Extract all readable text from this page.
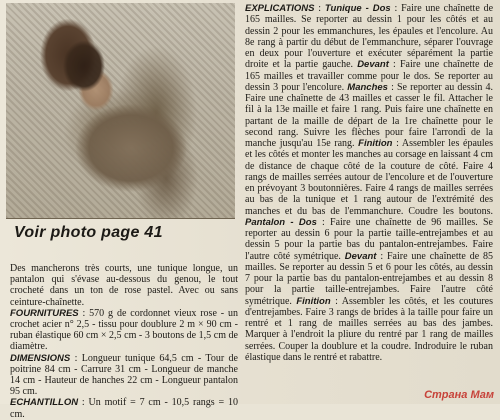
Voir photo page 41

Des mancherons très courts, une tunique longue, un pantalon qui s'évase au-dessous du genou, le tout crocheté dans un ton de rose pastel. Avec ou sans ceinture-chaînette.

FOURNITURES : 570 g de cordonnet vieux rose - un crochet acier n° 2,5 - tissu pour doublure 2 m × 90 cm - ruban élastique 60 cm × 2,5 cm - 3 boutons de 1,5 cm de diamètre.

DIMENSIONS : Longueur tunique 64,5 cm - Tour de poitrine 84 cm - Carrure 31 cm - Longueur de manche 14 cm - Hauteur de hanches 22 cm - Longueur pantalon 95 cm.

ECHANTILLON : Un motif = 7 cm - 10,5 rangs = 10 cm.

EXPLICATIONS : Tunique - Dos : Faire une chaînette de 165 mailles. Se reporter au dessin 1 pour les côtés et au dessin 2 pour les emmanchures, les épaules et l'encolure. Au 8e rang à partir du début de l'emmanchure, séparer l'ouvrage en deux pour l'ouverture et exécuter séparément la partie droite et la partie gauche. Devant : Faire une chaînette de 165 mailles et travailler comme pour le dos. Se reporter au dessin 3 pour l'encolure. Manches : Se reporter au dessin 4. Faire une chaînette de 43 mailles et casser le fil. Attacher le fil à la 13e maille et faire 1 rang. Puis faire une chaînette en partant de la maille de départ de la 1re chaînette pour le second rang. Suivre les flèches pour faire l'arrondi de la manche jusqu'au 15e rang. Finition : Assembler les épaules et les côtés et monter les manches au corsage en laissant 4 cm de distance de chaque côté de la couture de côté. Faire 4 rangs de mailles serrées autour de l'encolure et de l'ouverture en prévoyant 3 boutonnières. Faire 4 rangs de mailles serrées au bas de la tunique et 1 rang autour de l'extrémité des manches et du bas de l'emmanchure. Coudre les boutons. Pantalon - Dos : Faire une chaînette de 96 mailles. Se reporter au dessin 6 pour la partie taille-entrejambes et au dessin 5 pour la partie bas du pantalon-entrejambes. Faire l'autre côté symétrique. Devant : Faire une chaînette de 85 mailles. Se reporter au dessin 5 et 6 pour les côtés, au dessin 7 pour la partie bas du pantalon-entrejambes et au dessin 8 pour la partie taille-entrejambes. Faire l'autre côté symétrique. Finition : Assembler les côtés, et les coutures d'entrejambes. Faire 3 rangs de brides à la taille pour faire un rentré et 1 rang de mailles serrées au bas des jambes. Marquer à l'endroit la pliure du rentré par 1 rang de mailles serrées. Couper la doublure et la coudre. Indroduire le ruban élastique dans le rentré et rabattre.

Страна Мам
